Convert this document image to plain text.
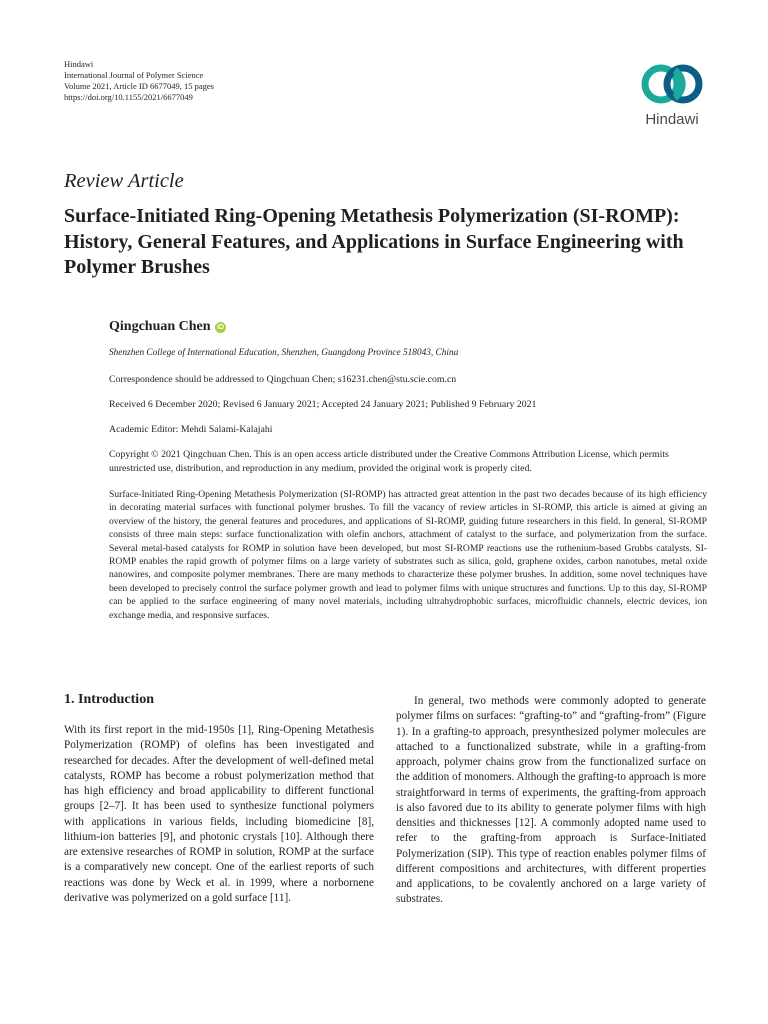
Hindawi
International Journal of Polymer Science
Volume 2021, Article ID 6677049, 15 pages
https://doi.org/10.1155/2021/6677049
Hindawi
Review Article
Surface-Initiated Ring-Opening Metathesis Polymerization (SI-ROMP): History, General Features, and Applications in Surface Engineering with Polymer Brushes
Qingchuan Chen iD
Shenzhen College of International Education, Shenzhen, Guangdong Province 518043, China
Correspondence should be addressed to Qingchuan Chen; s16231.chen@stu.scie.com.cn
Received 6 December 2020; Revised 6 January 2021; Accepted 24 January 2021; Published 9 February 2021
Academic Editor: Mehdi Salami-Kalajahi
Copyright © 2021 Qingchuan Chen. This is an open access article distributed under the Creative Commons Attribution License, which permits unrestricted use, distribution, and reproduction in any medium, provided the original work is properly cited.
Surface-Initiated Ring-Opening Metathesis Polymerization (SI-ROMP) has attracted great attention in the past two decades because of its high efficiency in decorating material surfaces with functional polymer brushes. To fill the vacancy of review articles in SI-ROMP, this article is aimed at giving an overview of the history, the general features and procedures, and applications of SI-ROMP, guiding future researchers in this field. In general, SI-ROMP consists of three main steps: surface functionalization with olefin anchors, attachment of catalyst to the surface, and polymerization from the surface. Several metal-based catalysts for ROMP in solution have been developed, but most SI-ROMP reactions use the ruthenium-based Grubbs catalysts. SI-ROMP enables the rapid growth of polymer films on a large variety of substrates such as silica, gold, graphene oxides, carbon nanotubes, metal oxide nanowires, and composite polymer membranes. There are many methods to characterize these polymer brushes. In addition, some novel techniques have been developed to precisely control the surface polymer growth and lead to polymer films with unique structures and functions. Up to this day, SI-ROMP can be applied to the surface engineering of many novel materials, including ultrahydrophobic surfaces, microfluidic channels, electric devices, ion exchange media, and responsive surfaces.
1. Introduction
With its first report in the mid-1950s [1], Ring-Opening Metathesis Polymerization (ROMP) of olefins has been investigated and researched for decades. After the development of well-defined metal catalysts, ROMP has become a robust polymerization method that has high efficiency and broad applicability to different functional groups [2–7]. It has been used to synthesize functional polymers with applications in various fields, including biomedicine [8], lithium-ion batteries [9], and photonic crystals [10]. Although there are extensive researches of ROMP in solution, ROMP at the surface is a comparatively new concept. One of the earliest reports of such reactions was done by Weck et al. in 1999, where a norbornene derivative was polymerized on a gold surface [11].
In general, two methods were commonly adopted to generate polymer films on surfaces: “grafting-to” and “grafting-from” (Figure 1). In a grafting-to approach, presynthesized polymer molecules are attached to a functionalized substrate, while in a grafting-from approach, polymer chains grow from the functionalized surface on the addition of monomers. Although the grafting-to approach is more straightforward in terms of experiments, the grafting-from approach is also favored due to its ability to generate polymer films with high densities and thicknesses [12]. A commonly adopted name used to refer to the grafting-from approach is Surface-Initiated Polymerization (SIP). This type of reaction enables polymer films of different compositions and architectures, with different properties and applications, to be covalently anchored on a large variety of substrates.
